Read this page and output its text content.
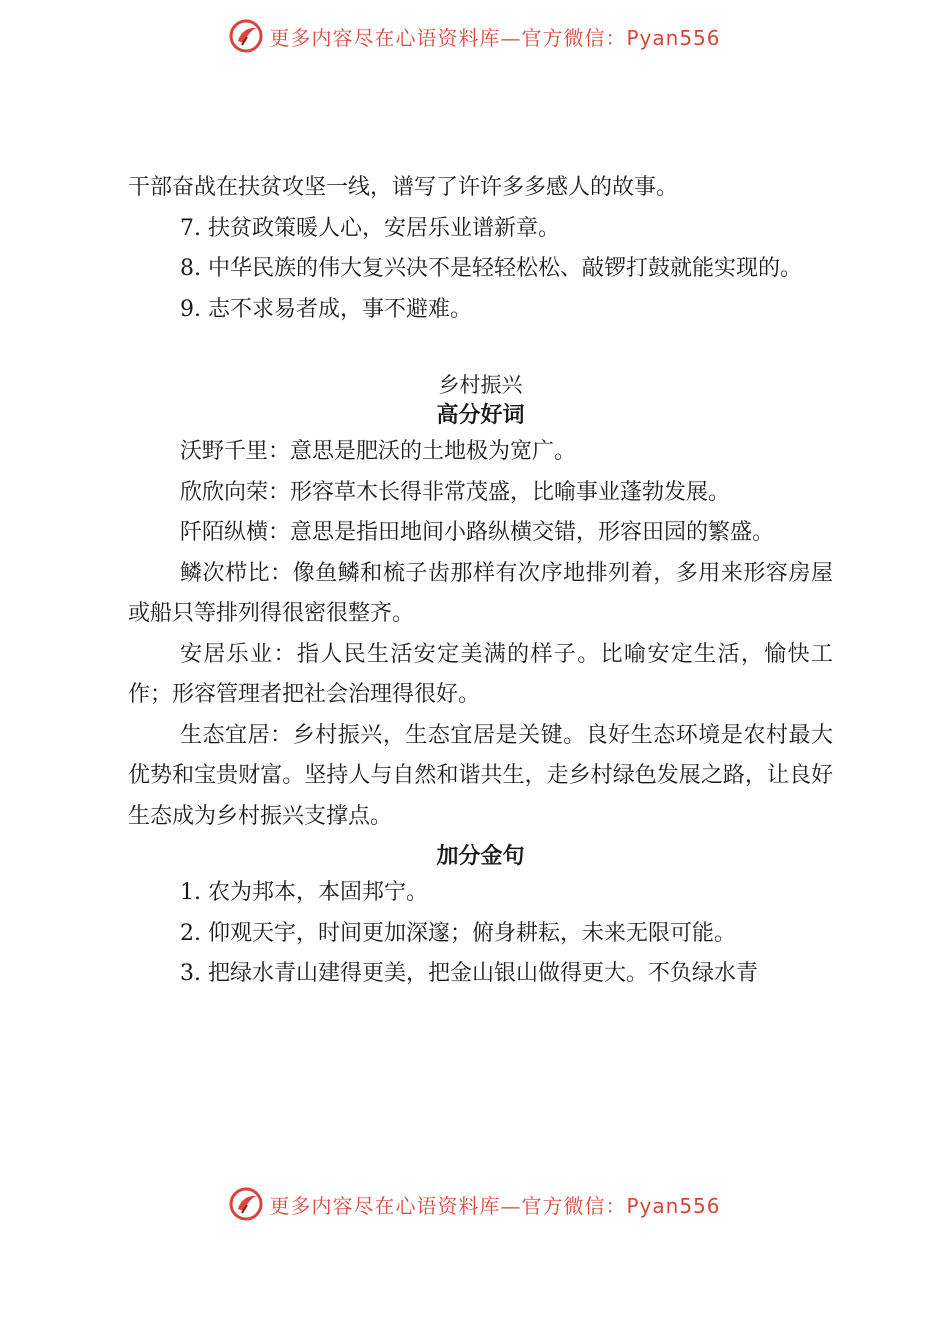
更多内容尽在心语资料库—官方微信：Pyan556

干部奋战在扶贫攻坚一线，谱写了许许多多感人的故事。

7. 扶贫政策暖人心，安居乐业谱新章。

8. 中华民族的伟大复兴决不是轻轻松松、敲锣打鼓就能实现的。

9. 志不求易者成，事不避难。

乡村振兴
高分好词

沃野千里：意思是肥沃的土地极为宽广。

欣欣向荣：形容草木长得非常茂盛，比喻事业蓬勃发展。

阡陌纵横：意思是指田地间小路纵横交错，形容田园的繁盛。

鳞次栉比：像鱼鳞和梳子齿那样有次序地排列着，多用来形容房屋或船只等排列得很密很整齐。

安居乐业：指人民生活安定美满的样子。比喻安定生活，愉快工作；形容管理者把社会治理得很好。

生态宜居：乡村振兴，生态宜居是关键。良好生态环境是农村最大优势和宝贵财富。坚持人与自然和谐共生，走乡村绿色发展之路，让良好生态成为乡村振兴支撑点。

加分金句

1. 农为邦本，本固邦宁。

2. 仰观天宇，时间更加深邃；俯身耕耘，未来无限可能。

3. 把绿水青山建得更美，把金山银山做得更大。不负绿水青

更多内容尽在心语资料库—官方微信：Pyan556
